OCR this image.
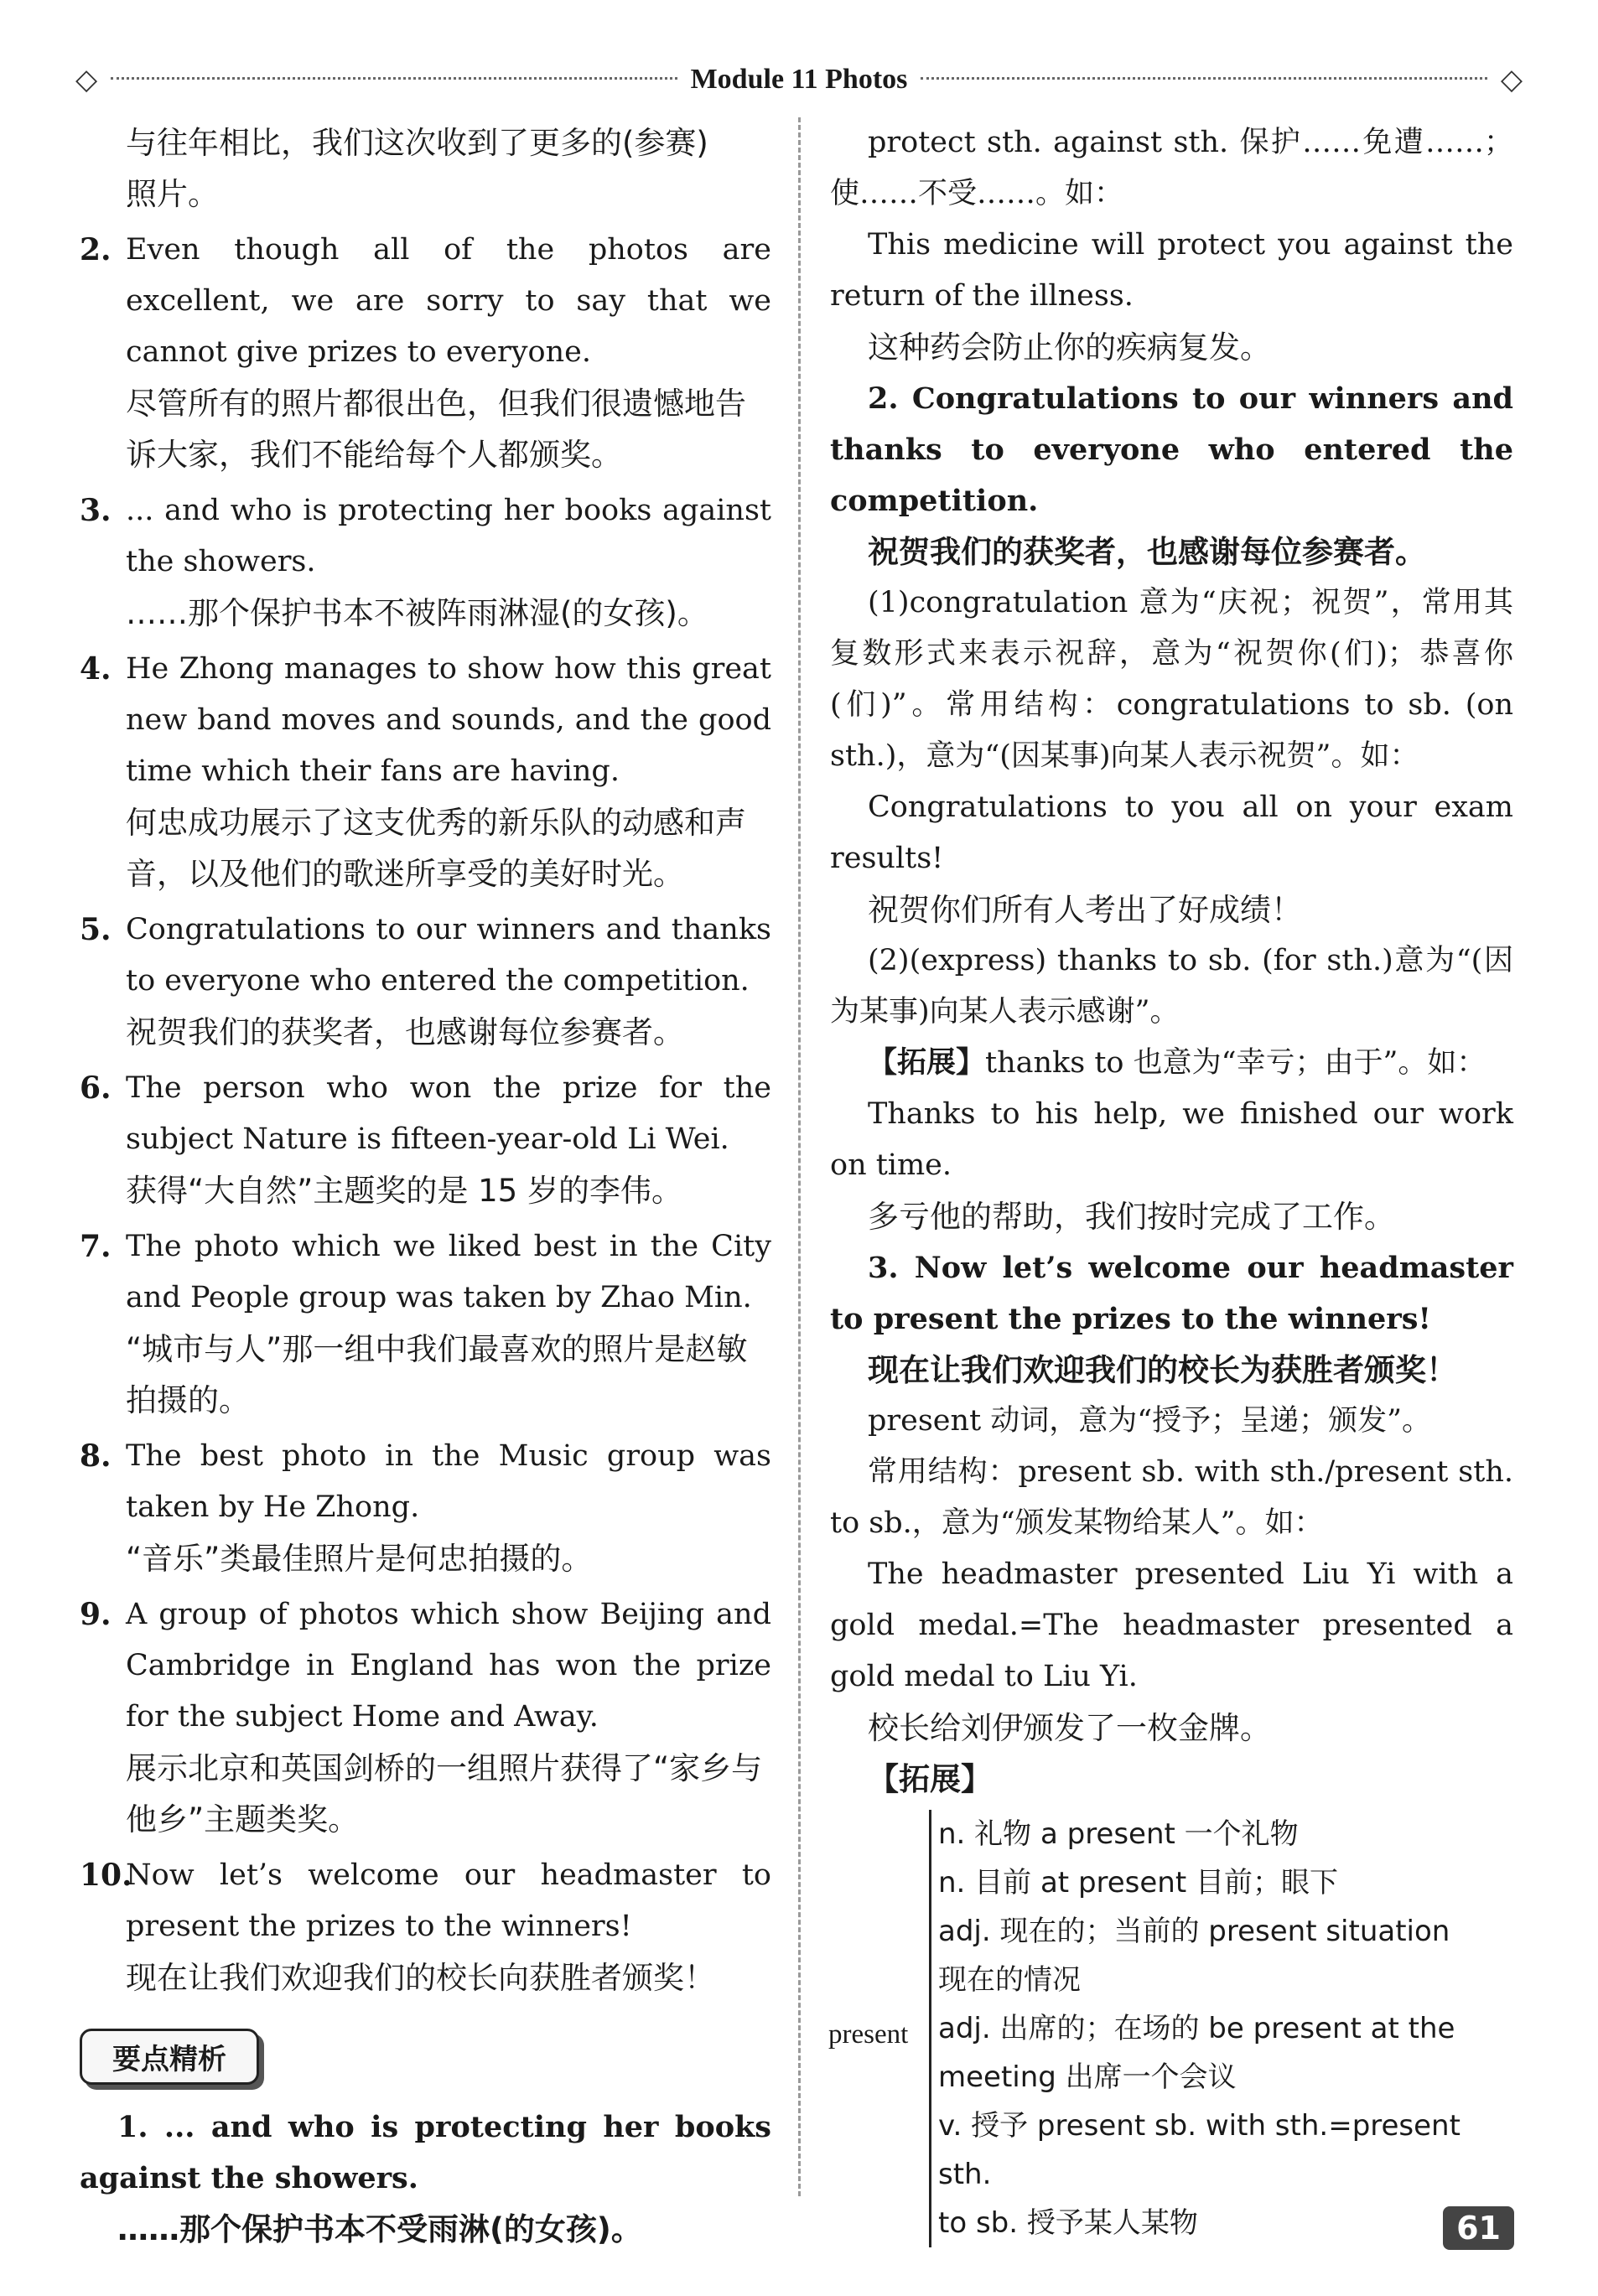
◇	Module 11 Photos	◇
与往年相比，我们这次收到了更多的(参赛)
照片。
2. Even though all of the photos are excellent, we are sorry to say that we cannot give prizes to everyone.
尽管所有的照片都很出色，但我们很遗憾地告诉大家，我们不能给每个人都颁奖。
3. ... and who is protecting her books against the showers.
……那个保护书本不被阵雨淋湿(的女孩)。
4. He Zhong manages to show how this great new band moves and sounds, and the good time which their fans are having.
何忠成功展示了这支优秀的新乐队的动感和声音，以及他们的歌迷所享受的美好时光。
5. Congratulations to our winners and thanks to everyone who entered the competition.
祝贺我们的获奖者，也感谢每位参赛者。
6. The person who won the prize for the subject Nature is fifteen-year-old Li Wei.
获得“大自然”主题奖的是 15 岁的李伟。
7. The photo which we liked best in the City and People group was taken by Zhao Min.
“城市与人”那一组中我们最喜欢的照片是赵敏拍摄的。
8. The best photo in the Music group was taken by He Zhong.
“音乐”类最佳照片是何忠拍摄的。
9. A group of photos which show Beijing and Cambridge in England has won the prize for the subject Home and Away.
展示北京和英国剑桥的一组照片获得了“家乡与他乡”主题类奖。
10.
Now let’s welcome our headmaster to present the prizes to the winners!
现在让我们欢迎我们的校长向获胜者颁奖！
要点精析
1. ... and who is protecting her books against the showers.
……那个保护书本不受雨淋(的女孩)。
protect sth. against sth. 保护……免遭……；使……不受……。如：
This medicine will protect you against the return of the illness.
这种药会防止你的疾病复发。
2. Congratulations to our winners and thanks to everyone who entered the competition.
祝贺我们的获奖者，也感谢每位参赛者。
(1)congratulation 意为“庆祝；祝贺”，常用其复数形式来表示祝辞，意为“祝贺你(们)；恭喜你(们)”。常用结构：congratulations to sb. (on sth.)，意为“(因某事)向某人表示祝贺”。如：
Congratulations to you all on your exam results!
祝贺你们所有人考出了好成绩！
(2)(express) thanks to sb. (for sth.)意为“(因为某事)向某人表示感谢”。
【拓展】thanks to 也意为“幸亏；由于”。如：
Thanks to his help, we finished our work on time.
多亏他的帮助，我们按时完成了工作。
3. Now let’s welcome our headmaster to present the prizes to the winners!
现在让我们欢迎我们的校长为获胜者颁奖！
present 动词，意为“授予；呈递；颁发”。
常用结构：present sb. with sth./present sth. to sb.，意为“颁发某物给某人”。如：
The headmaster presented Liu Yi with a gold medal.=The headmaster presented a gold medal to Liu Yi.
校长给刘伊颁发了一枚金牌。
【拓展】
present
n. 礼物 a present 一个礼物
n. 目前 at present 目前；眼下
adj. 现在的；当前的 present situation
现在的情况
adj. 出席的；在场的 be present at the
meeting 出席一个会议
v. 授予 present sb. with sth.=present sth.
to sb. 授予某人某物	61
